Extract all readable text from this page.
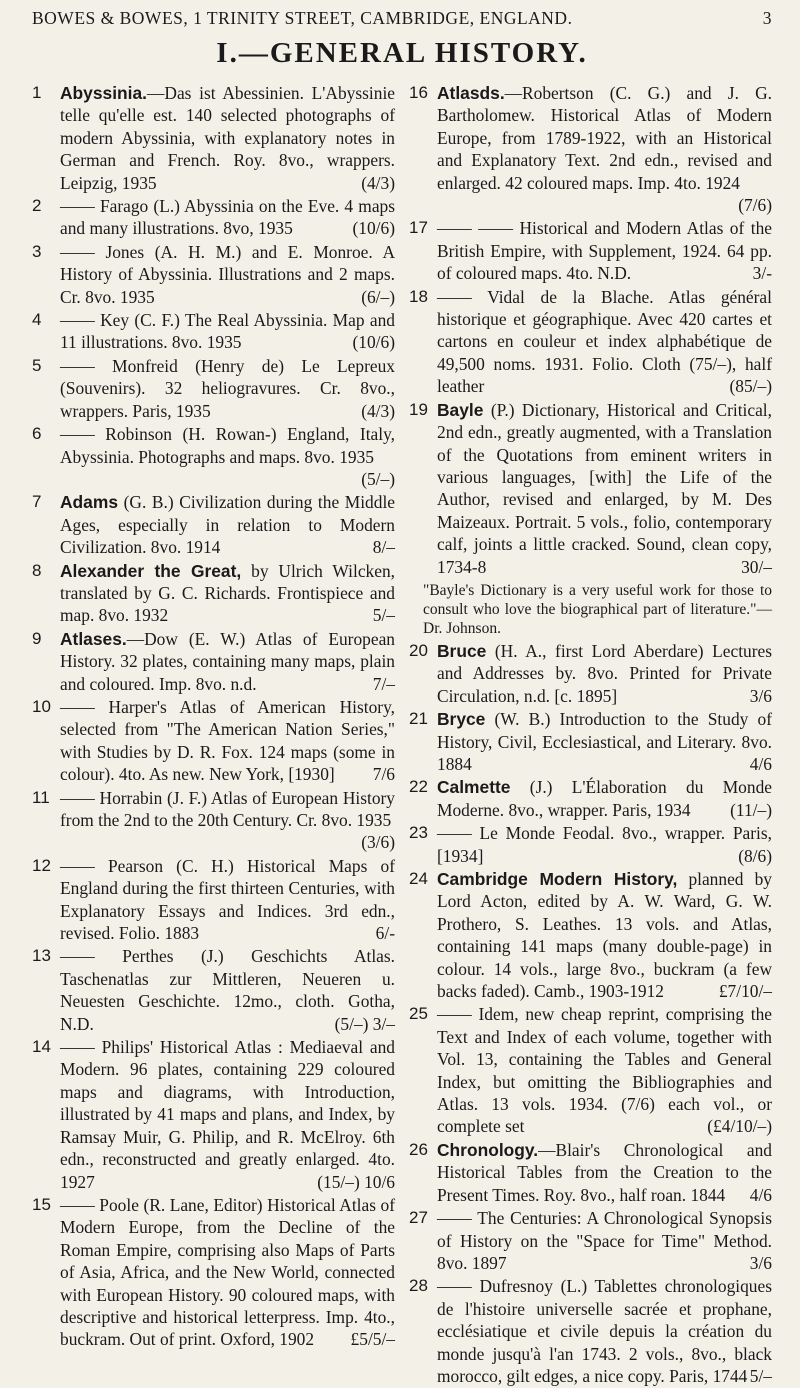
BOWES & BOWES, 1 TRINITY STREET, CAMBRIDGE, ENGLAND.	3
I.—GENERAL HISTORY.
1 Abyssinia.—Das ist Abessinien. L'Abyssinie telle qu'elle est. 140 selected photographs of modern Abyssinia, with explanatory notes in German and French. Roy. 8vo., wrappers. Leipzig, 1935	(4/3)
2 —— Farago (L.) Abyssinia on the Eve. 4 maps and many illustrations. 8vo, 1935	(10/6)
3 —— Jones (A. H. M.) and E. Monroe. A History of Abyssinia. Illustrations and 2 maps. Cr. 8vo. 1935	(6/–)
4 —— Key (C. F.) The Real Abyssinia. Map and 11 illustrations. 8vo. 1935	(10/6)
5 —— Monfreid (Henry de) Le Lepreux (Souvenirs). 32 heliogravures. Cr. 8vo., wrappers. Paris, 1935	(4/3)
6 —— Robinson (H. Rowan-) England, Italy, Abyssinia. Photographs and maps. 8vo. 1935
(5/–)
7 Adams (G. B.) Civilization during the Middle Ages, especially in relation to Modern Civilization. 8vo. 1914	8/–
8 Alexander the Great, by Ulrich Wilcken, translated by G. C. Richards. Frontispiece and map. 8vo. 1932	5/–
9 Atlases.—Dow (E. W.) Atlas of European History. 32 plates, containing many maps, plain and coloured. Imp. 8vo. n.d.	7/–
10 —— Harper's Atlas of American History, selected from "The American Nation Series," with Studies by D. R. Fox. 124 maps (some in colour). 4to. As new. New York, [1930] 7/6
11 —— Horrabin (J. F.) Atlas of European History from the 2nd to the 20th Century. Cr. 8vo. 1935
(3/6)
12 —— Pearson (C. H.) Historical Maps of England during the first thirteen Centuries, with Explanatory Essays and Indices. 3rd edn., revised. Folio. 1883	6/-
13 —— Perthes (J.) Geschichts Atlas. Taschenatlas zur Mittleren, Neueren u. Neuesten Geschichte. 12mo., cloth. Gotha, N.D.	(5/–) 3/–
14 —— Philips' Historical Atlas : Mediaeval and Modern. 96 plates, containing 229 coloured maps and diagrams, with Introduction, illustrated by 41 maps and plans, and Index, by Ramsay Muir, G. Philip, and R. McElroy. 6th edn., reconstructed and greatly enlarged. 4to. 1927	(15/–) 10/6
15 —— Poole (R. Lane, Editor) Historical Atlas of Modern Europe, from the Decline of the Roman Empire, comprising also Maps of Parts of Asia, Africa, and the New World, connected with European History. 90 coloured maps, with descriptive and historical letterpress. Imp. 4to., buckram. Out of print. Oxford, 1902 £5/5/–
16 Atlasds.—Robertson (C. G.) and J. G. Bartholomew. Historical Atlas of Modern Europe, from 1789-1922, with an Historical and Explanatory Text. 2nd edn., revised and enlarged. 42 coloured maps. Imp. 4to. 1924
(7/6)
17 —— —— Historical and Modern Atlas of the British Empire, with Supplement, 1924. 64 pp. of coloured maps. 4to. N.D.	3/-
18 —— Vidal de la Blache. Atlas général historique et géographique. Avec 420 cartes et cartons en couleur et index alphabétique de 49,500 noms. 1931. Folio. Cloth (75/–), half leather	(85/–)
19 Bayle (P.) Dictionary, Historical and Critical, 2nd edn., greatly augmented, with a Translation of the Quotations from eminent writers in various languages, [with] the Life of the Author, revised and enlarged, by M. Des Maizeaux. Portrait. 5 vols., folio, contemporary calf, joints a little cracked. Sound, clean copy, 1734-8	30/–
"Bayle's Dictionary is a very useful work for those to consult who love the biographical part of literature."—Dr. Johnson.
20 Bruce (H. A., first Lord Aberdare) Lectures and Addresses by. 8vo. Printed for Private Circulation, n.d. [c. 1895]	3/6
21 Bryce (W. B.) Introduction to the Study of History, Civil, Ecclesiastical, and Literary. 8vo. 1884	4/6
22 Calmette (J.) L'Élaboration du Monde Moderne. 8vo., wrapper. Paris, 1934 (11/–)
23 —— Le Monde Feodal. 8vo., wrapper. Paris, [1934]	(8/6)
24 Cambridge Modern History, planned by Lord Acton, edited by A. W. Ward, G. W. Prothero, S. Leathes. 13 vols. and Atlas, containing 141 maps (many double-page) in colour. 14 vols., large 8vo., buckram (a few backs faded). Camb., 1903-1912	£7/10/–
25 —— Idem, new cheap reprint, comprising the Text and Index of each volume, together with Vol. 13, containing the Tables and General Index, but omitting the Bibliographies and Atlas. 13 vols. 1934. (7/6) each vol., or complete set	(£4/10/–)
26 Chronology.—Blair's Chronological and Historical Tables from the Creation to the Present Times. Roy. 8vo., half roan. 1844 4/6
27 —— The Centuries: A Chronological Synopsis of History on the "Space for Time" Method. 8vo. 1897	3/6
28 —— Dufresnoy (L.) Tablettes chronologiques de l'histoire universelle sacrée et prophane, ecclésiatique et civile depuis la création du monde jusqu'à l'an 1743. 2 vols., 8vo., black morocco, gilt edges, a nice copy. Paris, 1744 5/–
